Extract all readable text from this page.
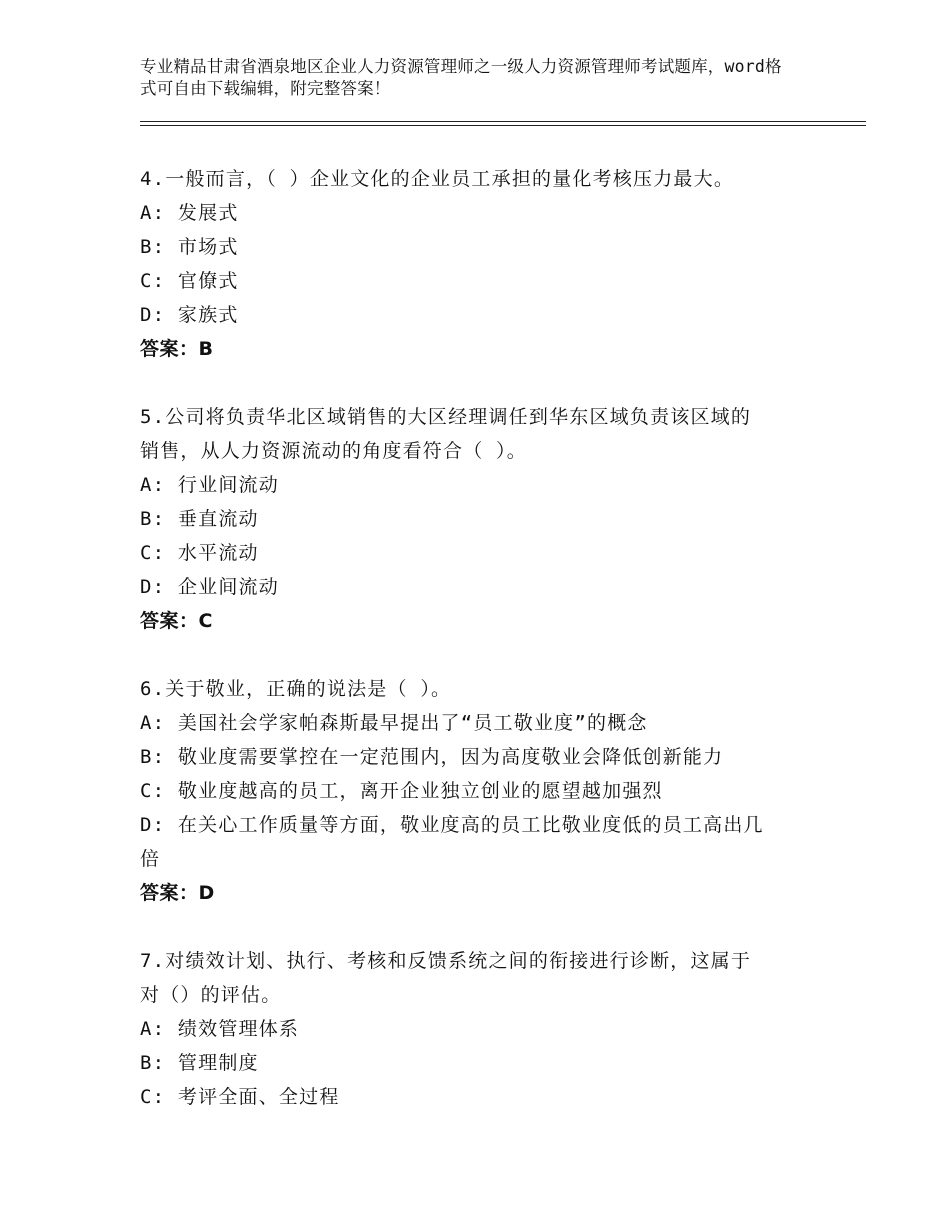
专业精品甘肃省酒泉地区企业人力资源管理师之一级人力资源管理师考试题库，word格式可自由下载编辑，附完整答案！
4.一般而言，（ ）企业文化的企业员工承担的量化考核压力最大。
A: 发展式
B: 市场式
C: 官僚式
D: 家族式
答案：B
5.公司将负责华北区域销售的大区经理调任到华东区域负责该区域的
销售，从人力资源流动的角度看符合（ ）。
A: 行业间流动
B: 垂直流动
C: 水平流动
D: 企业间流动
答案：C
6.关于敬业，正确的说法是（ ）。
A: 美国社会学家帕森斯最早提出了“员工敬业度”的概念
B: 敬业度需要掌控在一定范围内，因为高度敬业会降低创新能力
C: 敬业度越高的员工，离开企业独立创业的愿望越加强烈
D: 在关心工作质量等方面，敬业度高的员工比敬业度低的员工高出几
倍
答案：D
7.对绩效计划、执行、考核和反馈系统之间的衔接进行诊断，这属于
对（）的评估。
A: 绩效管理体系
B: 管理制度
C: 考评全面、全过程
